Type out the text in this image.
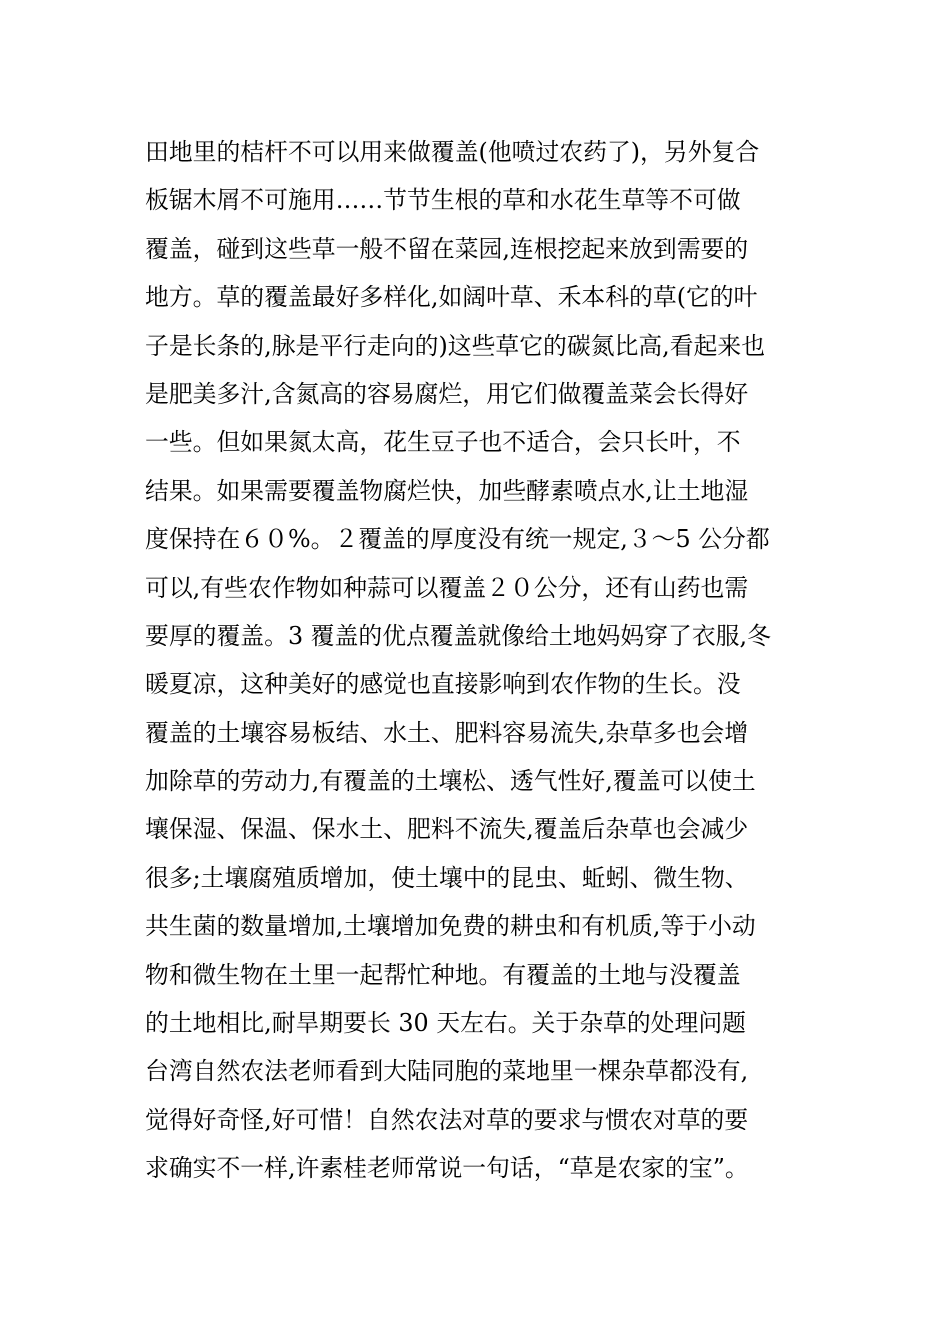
田地里的桔杆不可以用来做覆盖(他喷过农药了)，另外复合
板锯木屑不可施用……节节生根的草和水花生草等不可做
覆盖，碰到这些草一般不留在菜园,连根挖起来放到需要的
地方。草的覆盖最好多样化,如阔叶草、禾本科的草(它的叶
子是长条的,脉是平行走向的)这些草它的碳氮比高,看起来也
是肥美多汁,含氮高的容易腐烂，用它们做覆盖菜会长得好
一些。但如果氮太高，花生豆子也不适合，会只长叶，不
结果。如果需要覆盖物腐烂快，加些酵素喷点水,让土地湿
度保持在６０%。２覆盖的厚度没有统一规定,３～5 公分都
可以,有些农作物如种蒜可以覆盖２０公分，还有山药也需
要厚的覆盖。3 覆盖的优点覆盖就像给土地妈妈穿了衣服,冬
暖夏凉，这种美好的感觉也直接影响到农作物的生长。没
覆盖的土壤容易板结、水土、肥料容易流失,杂草多也会增
加除草的劳动力,有覆盖的土壤松、透气性好,覆盖可以使土
壤保湿、保温、保水土、肥料不流失,覆盖后杂草也会减少
很多;土壤腐殖质增加，使土壤中的昆虫、蚯蚓、微生物、
共生菌的数量增加,土壤增加免费的耕虫和有机质,等于小动
物和微生物在土里一起帮忙种地。有覆盖的土地与没覆盖
的土地相比,耐旱期要长 30 天左右。关于杂草的处理问题
台湾自然农法老师看到大陆同胞的菜地里一棵杂草都没有,
觉得好奇怪,好可惜！自然农法对草的要求与惯农对草的要
求确实不一样,许素桂老师常说一句话，“草是农家的宝”。
